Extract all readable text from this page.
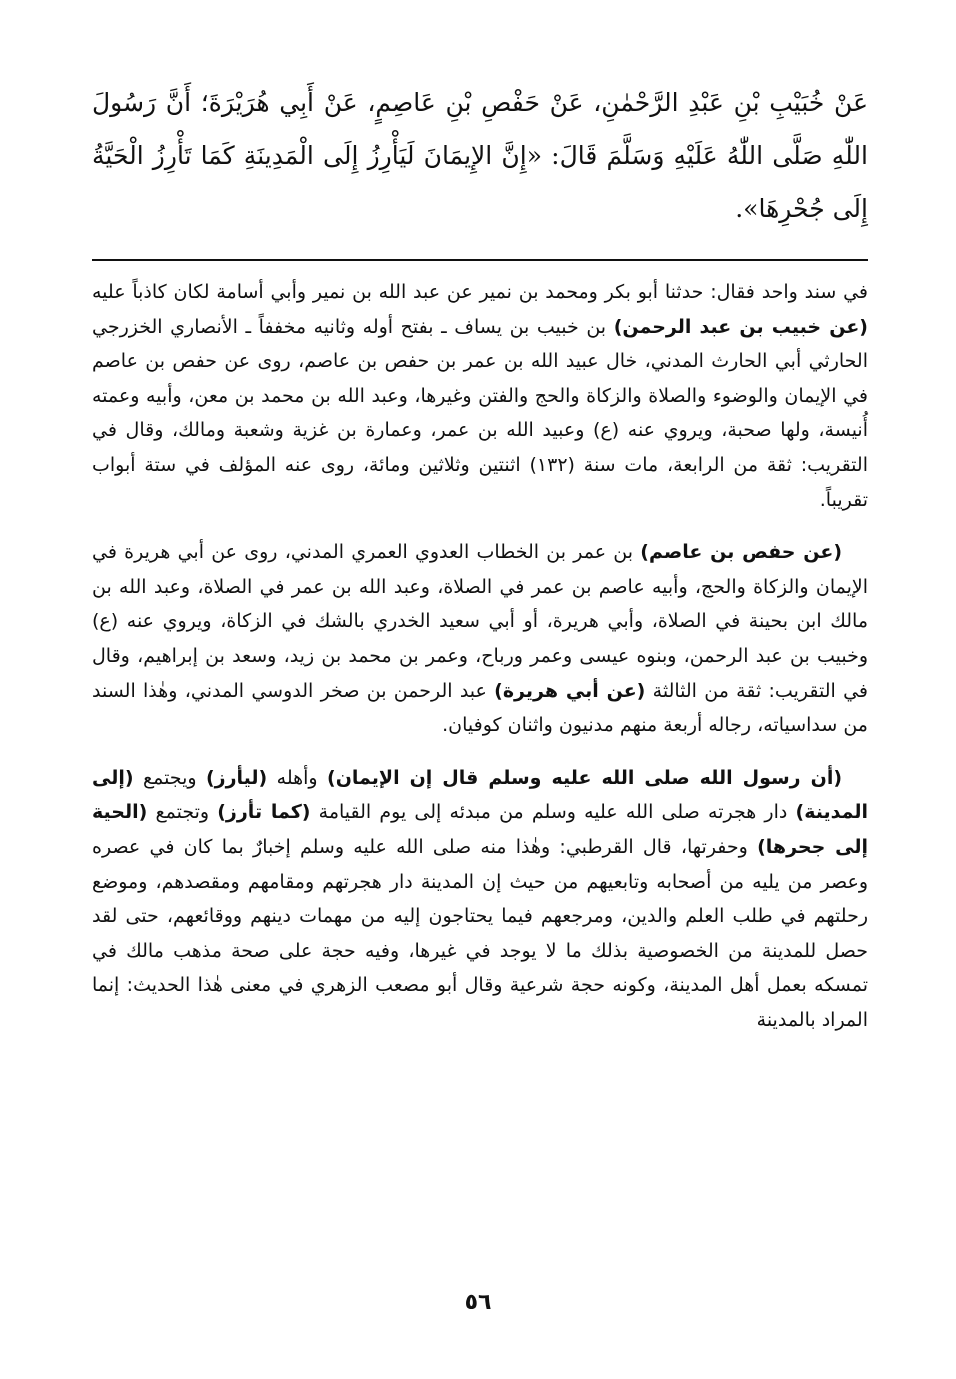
عَنْ خُبَيْبِ بْنِ عَبْدِ الرَّحْمٰنِ، عَنْ حَفْصِ بْنِ عَاصِمٍ، عَنْ أَبِي هُرَيْرَةَ؛ أَنَّ رَسُولَ اللّٰهِ صَلَّى اللّٰهُ عَلَيْهِ وَسَلَّمَ قَالَ: «إِنَّ الإِيمَانَ لَيَأْرِزُ إِلَى الْمَدِينَةِ كَمَا تَأْرِزُ الْحَيَّةُ إِلَى جُحْرِهَا».

في سند واحد فقال: حدثنا أبو بكر ومحمد بن نمير عن عبد الله بن نمير وأبي أسامة لكان كاذباً عليه (عن خبيب بن عبد الرحمن) بن خبيب بن يساف ـ بفتح أوله وثانيه مخففاً ـ الأنصاري الخزرجي الحارثي أبي الحارث المدني، خال عبيد الله بن عمر بن حفص بن عاصم، روى عن حفص بن عاصم في الإيمان والوضوء والصلاة والزكاة والحج والفتن وغيرها، وعبد الله بن محمد بن معن، وأبيه وعمته أُنيسة، ولها صحبة، ويروي عنه (ع) وعبيد الله بن عمر، وعمارة بن غزية وشعبة ومالك، وقال في التقريب: ثقة من الرابعة، مات سنة (١٣٢) اثنتين وثلاثين ومائة، روى عنه المؤلف في ستة أبواب تقريباً.

(عن حفص بن عاصم) بن عمر بن الخطاب العدوي العمري المدني، روى عن أبي هريرة في الإيمان والزكاة والحج، وأبيه عاصم بن عمر في الصلاة، وعبد الله بن عمر في الصلاة، وعبد الله بن مالك ابن بحينة في الصلاة، وأبي هريرة، أو أبي سعيد الخدري بالشك في الزكاة، ويروي عنه (ع) وخبيب بن عبد الرحمن، وبنوه عيسى وعمر ورباح، وعمر بن محمد بن زيد، وسعد بن إبراهيم، وقال في التقريب: ثقة من الثالثة (عن أبي هريرة) عبد الرحمن بن صخر الدوسي المدني، وهٰذا السند من سداسياته، رجاله أربعة منهم مدنيون واثنان كوفيان.

(أن رسول الله صلى الله عليه وسلم قال إن الإيمان) وأهله (ليأرز) ويجتمع (إلى المدينة) دار هجرته صلى الله عليه وسلم من مبدئه إلى يوم القيامة (كما تأرز) وتجتمع (الحية إلى جحرها) وحفرتها، قال القرطبي: وهٰذا منه صلى الله عليه وسلم إخبارٌ بما كان في عصره وعصر من يليه من أصحابه وتابعيهم من حيث إن المدينة دار هجرتهم ومقامهم ومقصدهم، وموضع رحلتهم في طلب العلم والدين، ومرجعهم فيما يحتاجون إليه من مهمات دينهم ووقائعهم، حتى لقد حصل للمدينة من الخصوصية بذلك ما لا يوجد في غيرها، وفيه حجة على صحة مذهب مالك في تمسكه بعمل أهل المدينة، وكونه حجة شرعية وقال أبو مصعب الزهري في معنى هٰذا الحديث: إنما المراد بالمدينة

٥٦
